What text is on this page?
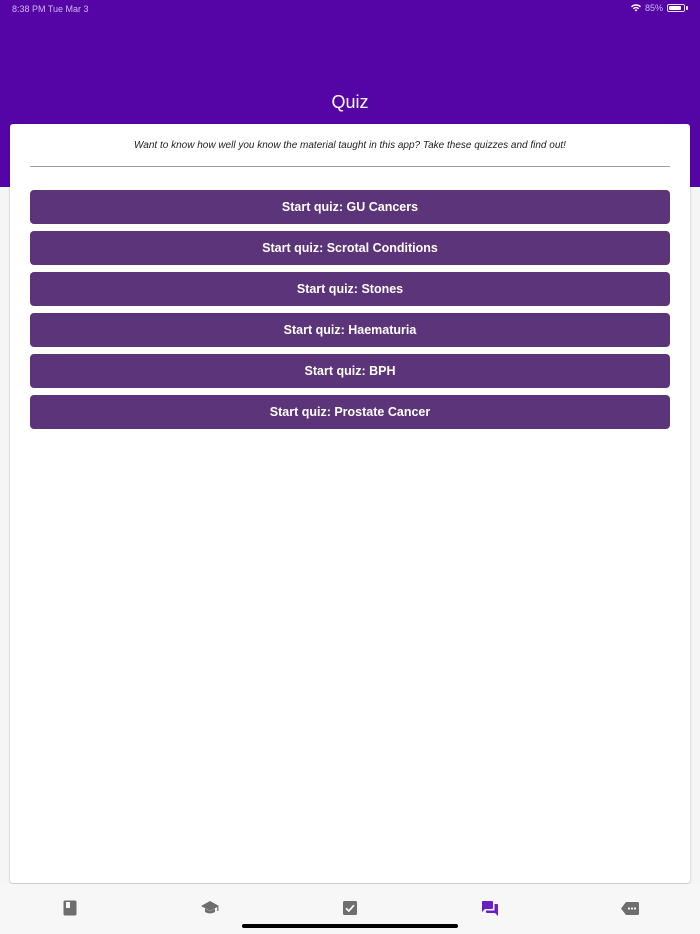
8:38 PM Tue Mar 3	85%
Quiz
Want to know how well you know the material taught in this app? Take these quizzes and find out!
Start quiz: GU Cancers
Start quiz: Scrotal Conditions
Start quiz: Stones
Start quiz: Haematuria
Start quiz: BPH
Start quiz: Prostate Cancer
